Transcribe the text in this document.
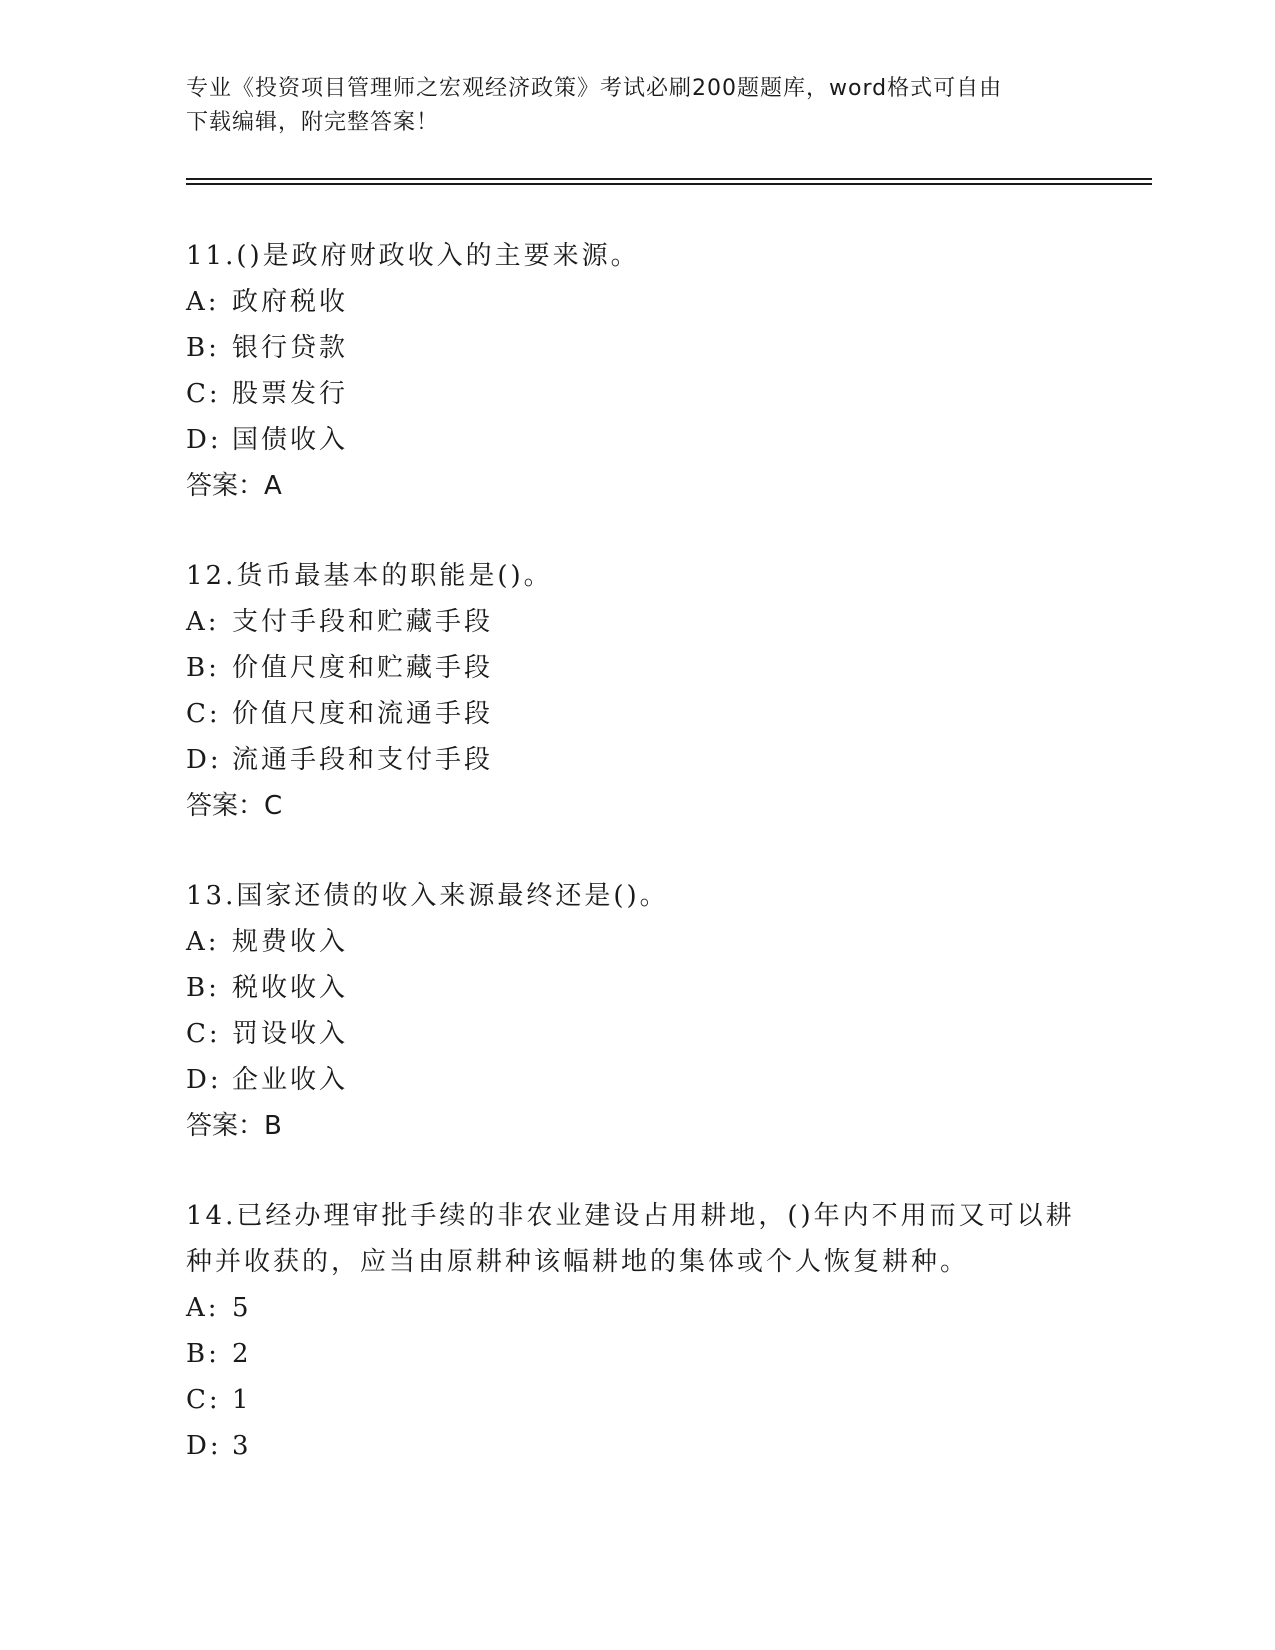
专业《投资项目管理师之宏观经济政策》考试必刷200题题库，word格式可自由
下载编辑，附完整答案！

11.()是政府财政收入的主要来源。

A: 政府税收

B: 银行贷款

C: 股票发行

D: 国债收入

答案：A

12.货币最基本的职能是()。

A: 支付手段和贮藏手段

B: 价值尺度和贮藏手段

C: 价值尺度和流通手段

D: 流通手段和支付手段

答案：C

13.国家还债的收入来源最终还是()。

A: 规费收入

B: 税收收入

C: 罚设收入

D: 企业收入

答案：B

14.已经办理审批手续的非农业建设占用耕地，()年内不用而又可以耕种并收获的，应当由原耕种该幅耕地的集体或个人恢复耕种。

A: 5

B: 2

C: 1

D: 3
